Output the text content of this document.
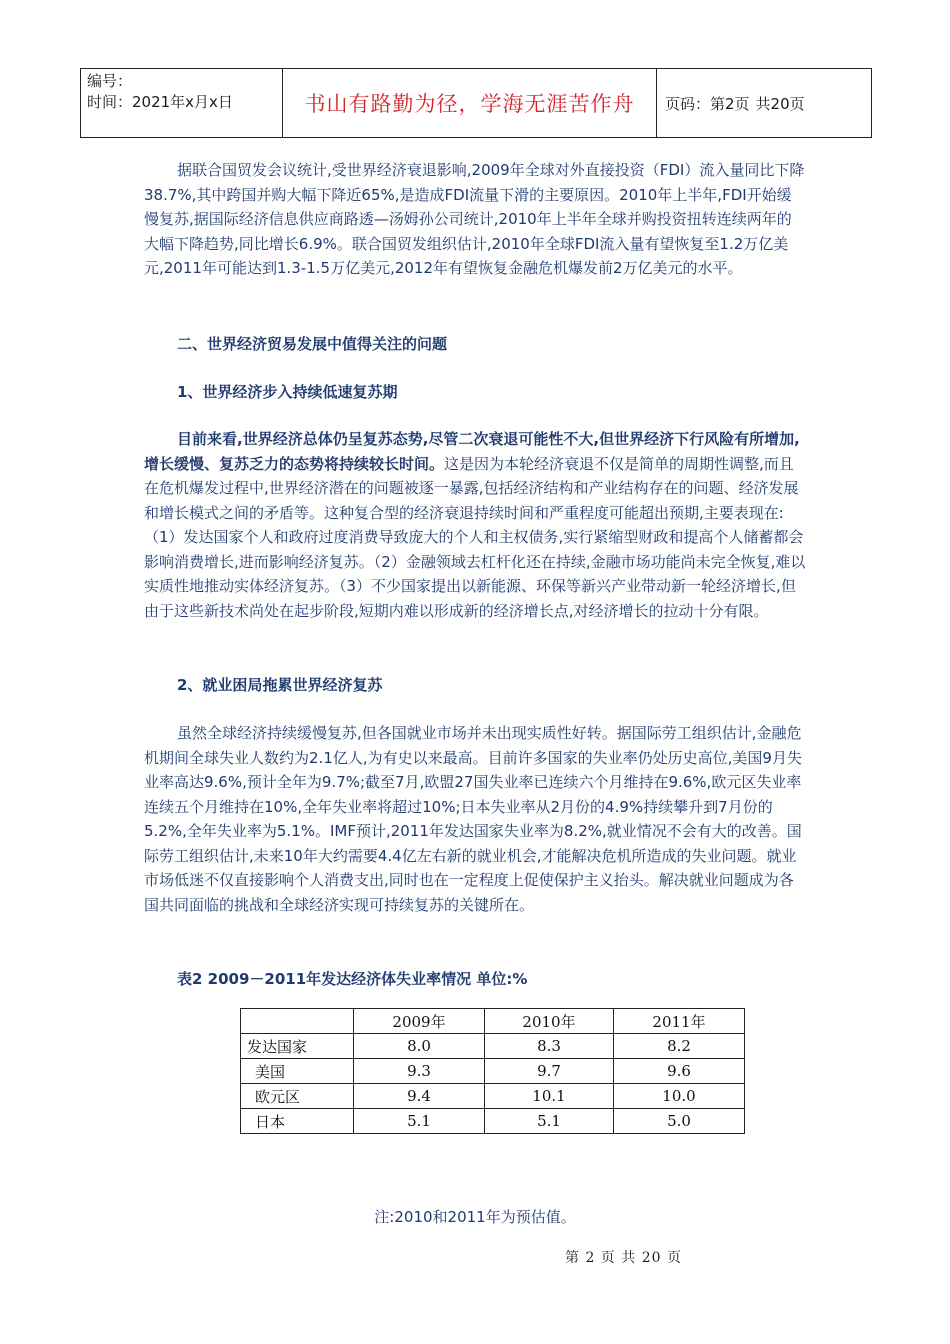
编号：
时间：2021年x月x日	书山有路勤为径，学海无涯苦作舟	页码：第2页 共20页

据联合国贸发会议统计,受世界经济衰退影响,2009年全球对外直接投资（FDI）流入量同比下降38.7%,其中跨国并购大幅下降近65%,是造成FDI流量下滑的主要原因。2010年上半年,FDI开始缓慢复苏,据国际经济信息供应商路透—汤姆孙公司统计,2010年上半年全球并购投资扭转连续两年的大幅下降趋势,同比增长6.9%。联合国贸发组织估计,2010年全球FDI流入量有望恢复至1.2万亿美元,2011年可能达到1.3-1.5万亿美元,2012年有望恢复金融危机爆发前2万亿美元的水平。

二、世界经济贸易发展中值得关注的问题
1、世界经济步入持续低速复苏期

目前来看,世界经济总体仍呈复苏态势,尽管二次衰退可能性不大,但世界经济下行风险有所增加,增长缓慢、复苏乏力的态势将持续较长时间。这是因为本轮经济衰退不仅是简单的周期性调整,而且在危机爆发过程中,世界经济潜在的问题被逐一暴露,包括经济结构和产业结构存在的问题、经济发展和增长模式之间的矛盾等。这种复合型的经济衰退持续时间和严重程度可能超出预期,主要表现在:（1）发达国家个人和政府过度消费导致庞大的个人和主权债务,实行紧缩型财政和提高个人储蓄都会影响消费增长,进而影响经济复苏。（2）金融领域去杠杆化还在持续,金融市场功能尚未完全恢复,难以实质性地推动实体经济复苏。（3）不少国家提出以新能源、环保等新兴产业带动新一轮经济增长,但由于这些新技术尚处在起步阶段,短期内难以形成新的经济增长点,对经济增长的拉动十分有限。

2、就业困局拖累世界经济复苏

虽然全球经济持续缓慢复苏,但各国就业市场并未出现实质性好转。据国际劳工组织估计,金融危机期间全球失业人数约为2.1亿人,为有史以来最高。目前许多国家的失业率仍处历史高位,美国9月失业率高达9.6%,预计全年为9.7%;截至7月,欧盟27国失业率已连续六个月维持在9.6%,欧元区失业率连续五个月维持在10%,全年失业率将超过10%;日本失业率从2月份的4.9%持续攀升到7月份的5.2%,全年失业率为5.1%。IMF预计,2011年发达国家失业率为8.2%,就业情况不会有大的改善。国际劳工组织估计,未来10年大约需要4.4亿左右新的就业机会,才能解决危机所造成的失业问题。就业市场低迷不仅直接影响个人消费支出,同时也在一定程度上促使保护主义抬头。解决就业问题成为各国共同面临的挑战和全球经济实现可持续复苏的关键所在。

表2 2009－2011年发达经济体失业率情况 单位:%
	2009年	2010年	2011年
发达国家	8.0	8.3	8.2
美国	9.3	9.7	9.6
欧元区	9.4	10.1	10.0
日本	5.1	5.1	5.0
注:2010和2011年为预估值。
第 2 页 共 20 页
